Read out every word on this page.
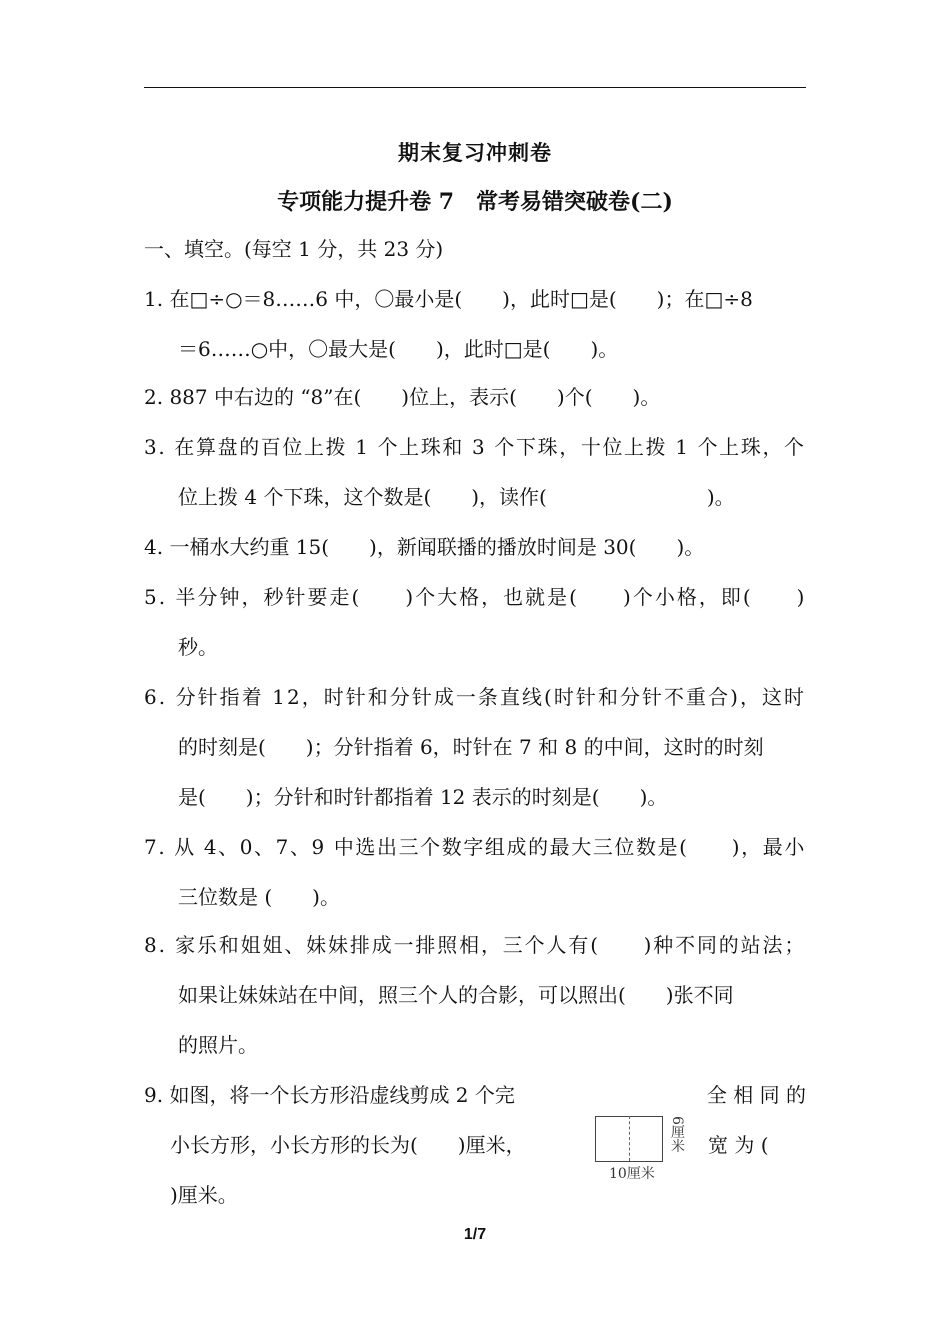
期末复习冲刺卷
专项能力提升卷 7　常考易错突破卷(二)
一、填空。(每空 1 分，共 23 分)
1. 在□÷○＝8……6 中，〇最小是(　　)，此时□是(　　)；在□÷8
＝6……○中，〇最大是(　　)，此时□是(　　)。
2. 887 中右边的 “8”在(　　)位上，表示(　　)个(　　)。
3. 在算盘的百位上拨 1 个上珠和 3 个下珠，十位上拨 1 个上珠，个
位上拨 4 个下珠，这个数是(　　)，读作(　　　　　　　　)。
4. 一桶水大约重 15(　　)，新闻联播的播放时间是 30(　　)。
5. 半分钟，秒针要走(　　)个大格，也就是(　　)个小格，即(　　)
秒。
6. 分针指着 12，时针和分针成一条直线(时针和分针不重合)，这时
的时刻是(　　)；分针指着 6，时针在 7 和 8 的中间，这时的时刻
是(　　)；分针和时针都指着 12 表示的时刻是(　　)。
7. 从 4、0、7、9 中选出三个数字组成的最大三位数是(　　)，最小
三位数是 (　　)。
8. 家乐和姐姐、妹妹排成一排照相，三个人有(　　)种不同的站法；
如果让妹妹站在中间，照三个人的合影，可以照出(　　)张不同
的照片。
9. 如图，将一个长方形沿虚线剪成 2 个完	全 相 同 的
小长方形，小长方形的长为(　　)厘米，	宽 为 (
)厘米。
10厘米
6厘米
1/7
